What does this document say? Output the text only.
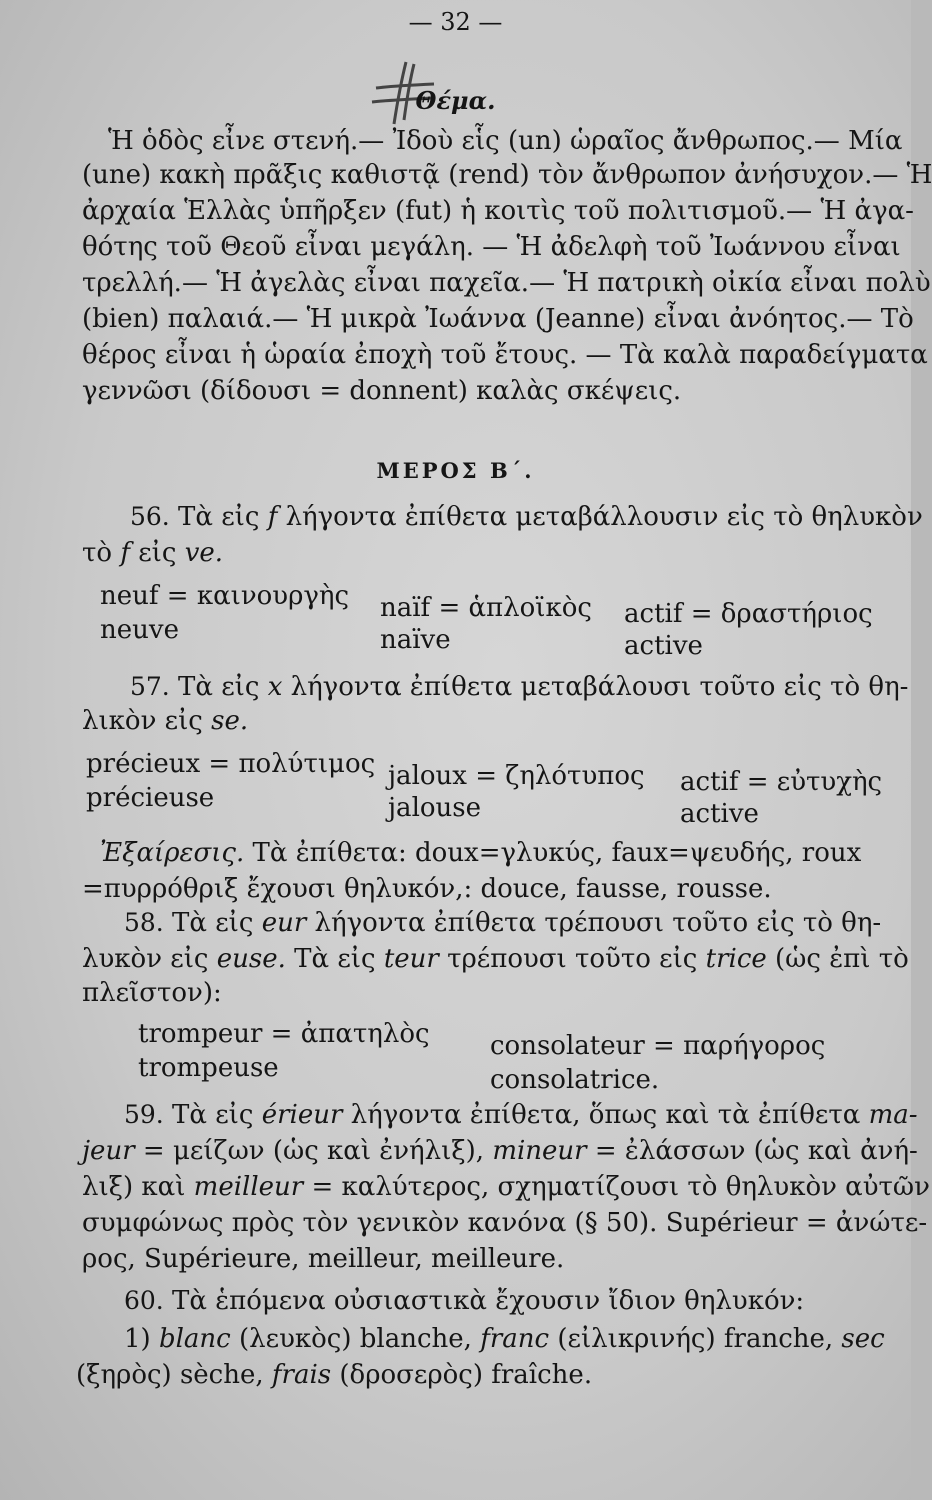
— 32 —
Θέμα.
Ἡ ὁδὸς εἶνε στενή.— Ἰδοὺ εἷς (un) ὡραῖος ἄνθρωπος.— Μία
(une) κακὴ πρᾶξις καθιστᾷ (rend) τὸν ἄνθρωπον ἀνήσυχον.— Ἡ
ἀρχαία Ἑλλὰς ὑπῆρξεν (fut) ἡ κοιτὶς τοῦ πολιτισμοῦ.— Ἡ ἀγα-
θότης τοῦ Θεοῦ εἶναι μεγάλη. — Ἡ ἀδελφὴ τοῦ Ἰωάννου εἶναι
τρελλή.— Ἡ ἀγελὰς εἶναι παχεῖα.— Ἡ πατρικὴ οἰκία εἶναι πολὺ
(bien) παλαιά.— Ἡ μικρὰ Ἰωάννα (Jeanne) εἶναι ἀνόητος.— Τὸ
θέρος εἶναι ἡ ὡραία ἐποχὴ τοῦ ἔτους. — Τὰ καλὰ παραδείγματα
γεννῶσι (δίδουσι = donnent) καλὰς σκέψεις.
ΜΕΡΟΣ Β΄.
56. Τὰ εἰς f λήγοντα ἐπίθετα μεταβάλλουσιν εἰς τὸ θηλυκὸν
τὸ f εἰς ve.
neuf = καινουργὴς
neuve
naïf = ἁπλοϊκὸς
naïve
actif = δραστήριος
active
57. Τὰ εἰς x λήγοντα ἐπίθετα μεταβάλουσι τοῦτο εἰς τὸ θη-
λικὸν εἰς se.
précieux = πολύτιμος
précieuse
jaloux = ζηλότυπος
jalouse
actif = εὐτυχὴς
active
Ἐξαίρεσις. Τὰ ἐπίθετα: doux=γλυκύς, faux=ψευδής, roux
=πυρρόθριξ ἔχουσι θηλυκόν,: douce, fausse, rousse.
58. Τὰ εἰς eur λήγοντα ἐπίθετα τρέπουσι τοῦτο εἰς τὸ θη-
λυκὸν εἰς euse. Τὰ εἰς teur τρέπουσι τοῦτο εἰς trice (ὡς ἐπὶ τὸ
πλεῖστον):
trompeur = ἀπατηλὸς
trompeuse
consolateur = παρήγορος
consolatrice.
59. Τὰ εἰς érieur λήγοντα ἐπίθετα, ὅπως καὶ τὰ ἐπίθετα ma-
jeur = μείζων (ὡς καὶ ἐνήλιξ), mineur = ἐλάσσων (ὡς καὶ ἀνή-
λιξ) καὶ meilleur = καλύτερος, σχηματίζουσι τὸ θηλυκὸν αὐτῶν
συμφώνως πρὸς τὸν γενικὸν κανόνα (§ 50). Supérieur = ἀνώτε-
ρος, Supérieure, meilleur, meilleure.
60. Τὰ ἑπόμενα οὐσιαστικὰ ἔχουσιν ἴδιον θηλυκόν:
1) blanc (λευκὸς) blanche, franc (εἰλικρινής) franche, sec
(ξηρὸς) sèche, frais (δροσερὸς) fraîche.
